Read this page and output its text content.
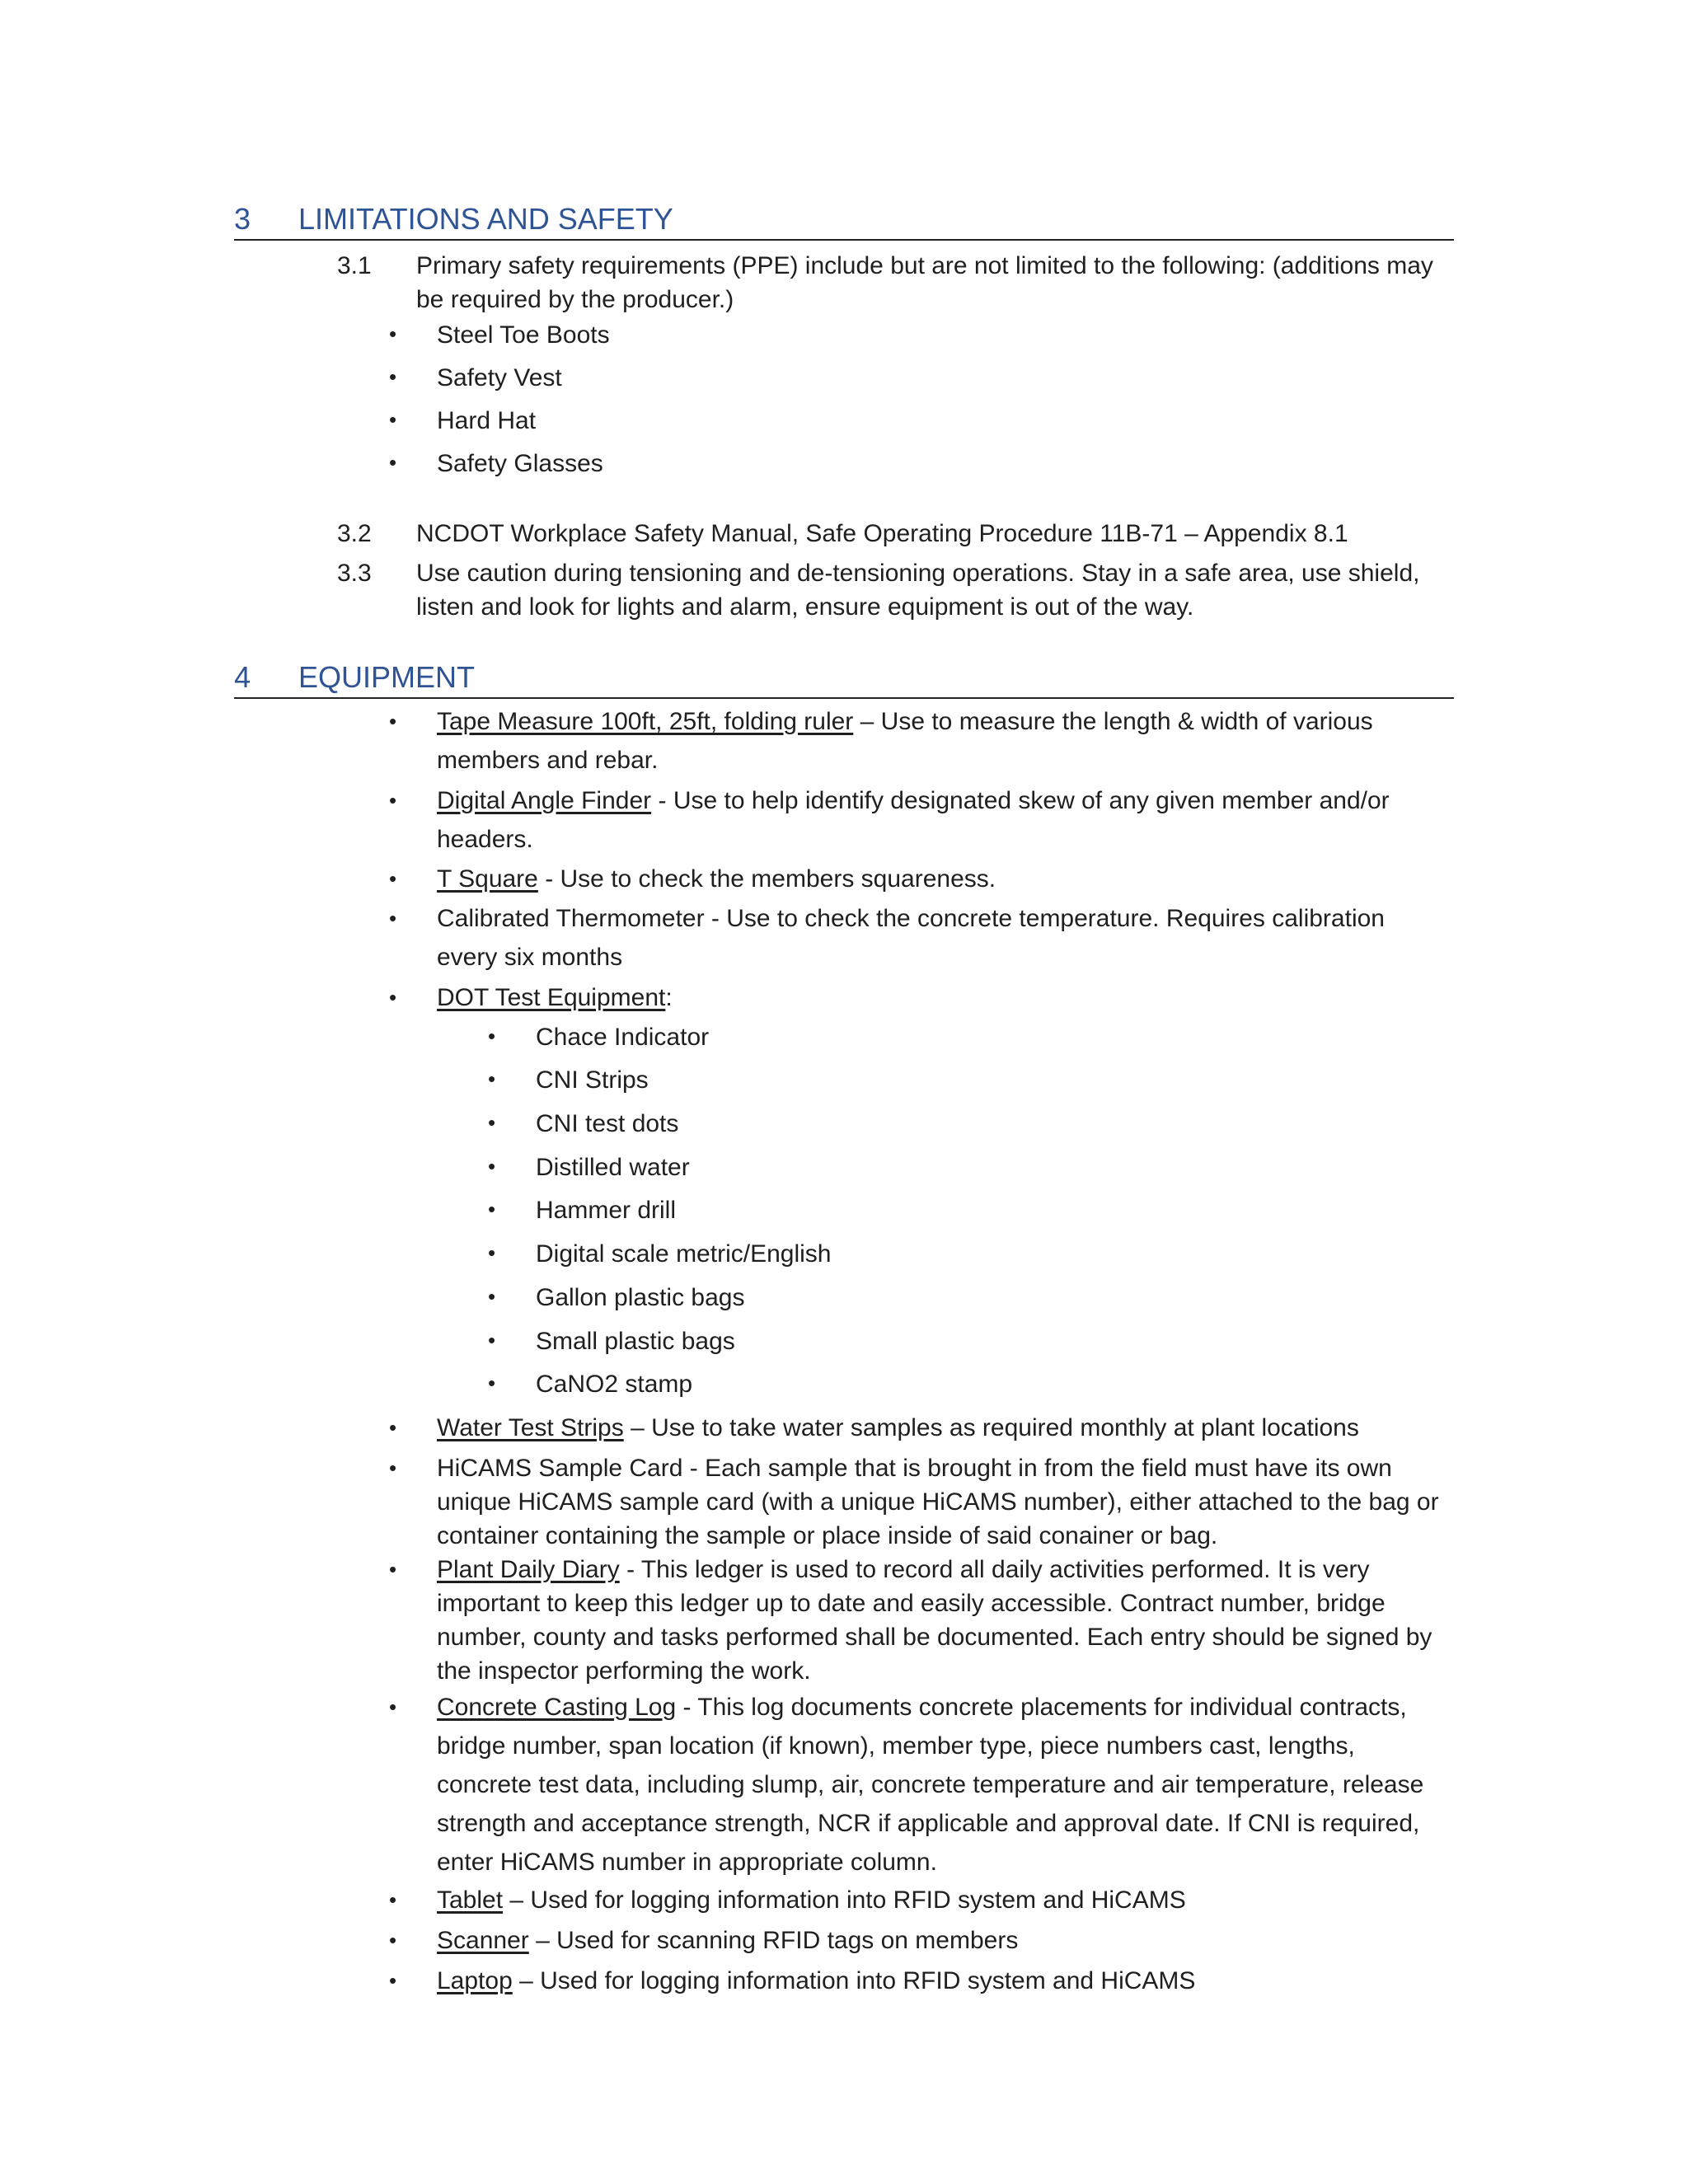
3 LIMITATIONS AND SAFETY
3.1 Primary safety requirements (PPE) include but are not limited to the following: (additions may be required by the producer.)
• Steel Toe Boots
• Safety Vest
• Hard Hat
• Safety Glasses
3.2 NCDOT Workplace Safety Manual, Safe Operating Procedure 11B-71 – Appendix 8.1
3.3 Use caution during tensioning and de-tensioning operations. Stay in a safe area, use shield, listen and look for lights and alarm, ensure equipment is out of the way.
4 EQUIPMENT
• Tape Measure 100ft, 25ft, folding ruler – Use to measure the length & width of various members and rebar.
• Digital Angle Finder - Use to help identify designated skew of any given member and/or headers.
• T Square - Use to check the members squareness.
• Calibrated Thermometer - Use to check the concrete temperature. Requires calibration every six months
• DOT Test Equipment:
• Chace Indicator
• CNI Strips
• CNI test dots
• Distilled water
• Hammer drill
• Digital scale metric/English
• Gallon plastic bags
• Small plastic bags
• CaNO2 stamp
• Water Test Strips – Use to take water samples as required monthly at plant locations
• HiCAMS Sample Card - Each sample that is brought in from the field must have its own unique HiCAMS sample card (with a unique HiCAMS number), either attached to the bag or container containing the sample or place inside of said conainer or bag.
• Plant Daily Diary - This ledger is used to record all daily activities performed. It is very important to keep this ledger up to date and easily accessible. Contract number, bridge number, county and tasks performed shall be documented. Each entry should be signed by the inspector performing the work.
• Concrete Casting Log - This log documents concrete placements for individual contracts, bridge number, span location (if known), member type, piece numbers cast, lengths, concrete test data, including slump, air, concrete temperature and air temperature, release strength and acceptance strength, NCR if applicable and approval date. If CNI is required, enter HiCAMS number in appropriate column.
• Tablet – Used for logging information into RFID system and HiCAMS
• Scanner – Used for scanning RFID tags on members
• Laptop – Used for logging information into RFID system and HiCAMS
